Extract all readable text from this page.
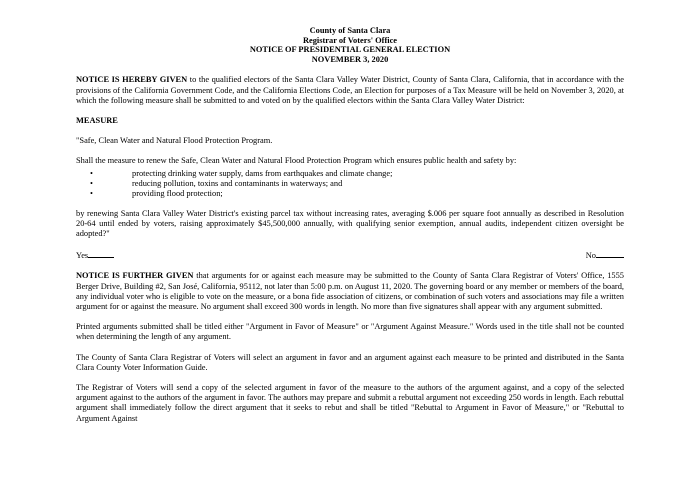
County of Santa Clara
Registrar of Voters' Office
NOTICE OF PRESIDENTIAL GENERAL ELECTION
NOVEMBER 3, 2020

NOTICE IS HEREBY GIVEN to the qualified electors of the Santa Clara Valley Water District, County of Santa Clara, California, that in accordance with the provisions of the California Government Code, and the California Elections Code, an Election for purposes of a Tax Measure will be held on November 3, 2020, at which the following measure shall be submitted to and voted on by the qualified electors within the Santa Clara Valley Water District:

MEASURE

"Safe, Clean Water and Natural Flood Protection Program.

Shall the measure to renew the Safe, Clean Water and Natural Flood Protection Program which ensures public health and safety by:

•	protecting drinking water supply, dams from earthquakes and climate change;
•	reducing pollution, toxins and contaminants in waterways; and
•	providing flood protection;

by renewing Santa Clara Valley Water District's existing parcel tax without increasing rates, averaging $.006 per square foot annually as described in Resolution 20-64 until ended by voters, raising approximately $45,500,000 annually, with qualifying senior exemption, annual audits, independent citizen oversight be adopted?"

Yes	No

NOTICE IS FURTHER GIVEN that arguments for or against each measure may be submitted to the County of Santa Clara Registrar of Voters' Office, 1555 Berger Drive, Building #2, San José, California, 95112, not later than 5:00 p.m. on August 11, 2020. The governing board or any member or members of the board, any individual voter who is eligible to vote on the measure, or a bona fide association of citizens, or combination of such voters and associations may file a written argument for or against the measure. No argument shall exceed 300 words in length. No more than five signatures shall appear with any argument submitted.

Printed arguments submitted shall be titled either "Argument in Favor of Measure" or "Argument Against Measure." Words used in the title shall not be counted when determining the length of any argument.

The County of Santa Clara Registrar of Voters will select an argument in favor and an argument against each measure to be printed and distributed in the Santa Clara County Voter Information Guide.

The Registrar of Voters will send a copy of the selected argument in favor of the measure to the authors of the argument against, and a copy of the selected argument against to the authors of the argument in favor. The authors may prepare and submit a rebuttal argument not exceeding 250 words in length. Each rebuttal argument shall immediately follow the direct argument that it seeks to rebut and shall be titled "Rebuttal to Argument in Favor of Measure," or "Rebuttal to Argument Against
